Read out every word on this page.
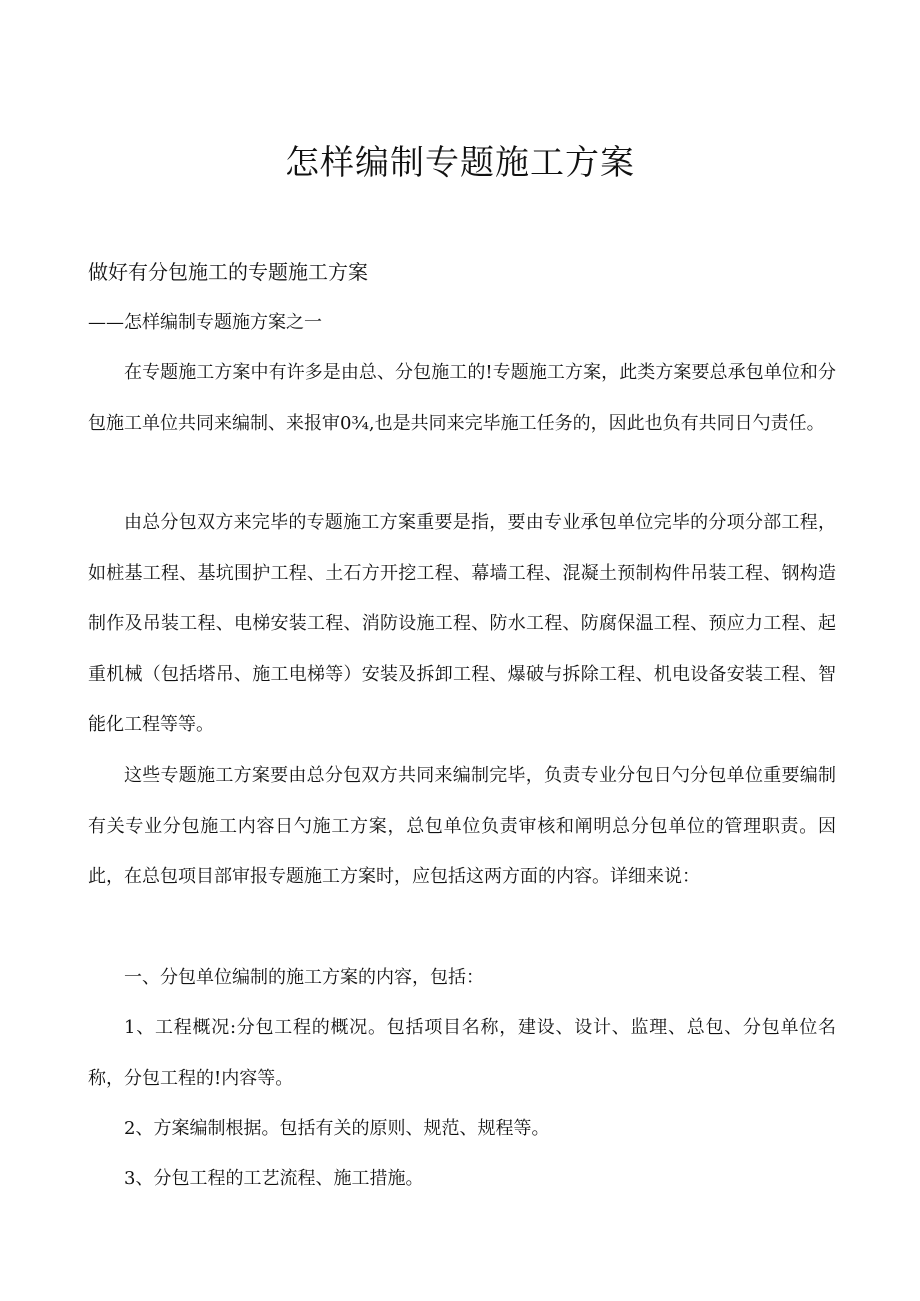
怎样编制专题施工方案
做好有分包施工的专题施工方案

——怎样编制专题施方案之一

在专题施工方案中有许多是由总、分包施工的!专题施工方案，此类方案要总承包单位和分包施工单位共同来编制、来报审0¾,也是共同来完毕施工任务的，因此也负有共同日勺责任。

由总分包双方来完毕的专题施工方案重要是指，要由专业承包单位完毕的分项分部工程，如桩基工程、基坑围护工程、土石方开挖工程、幕墙工程、混凝土预制构件吊装工程、钢构造制作及吊装工程、电梯安装工程、消防设施工程、防水工程、防腐保温工程、预应力工程、起重机械（包括塔吊、施工电梯等）安装及拆卸工程、爆破与拆除工程、机电设备安装工程、智能化工程等等。

这些专题施工方案要由总分包双方共同来编制完毕，负责专业分包日勺分包单位重要编制有关专业分包施工内容日勺施工方案，总包单位负责审核和阐明总分包单位的管理职责。因此，在总包项目部审报专题施工方案时，应包括这两方面的内容。详细来说：

一、分包单位编制的施工方案的内容，包括：

1、工程概况:分包工程的概况。包括项目名称，建设、设计、监理、总包、分包单位名称，分包工程的!内容等。

2、方案编制根据。包括有关的原则、规范、规程等。

3、分包工程的工艺流程、施工措施。
